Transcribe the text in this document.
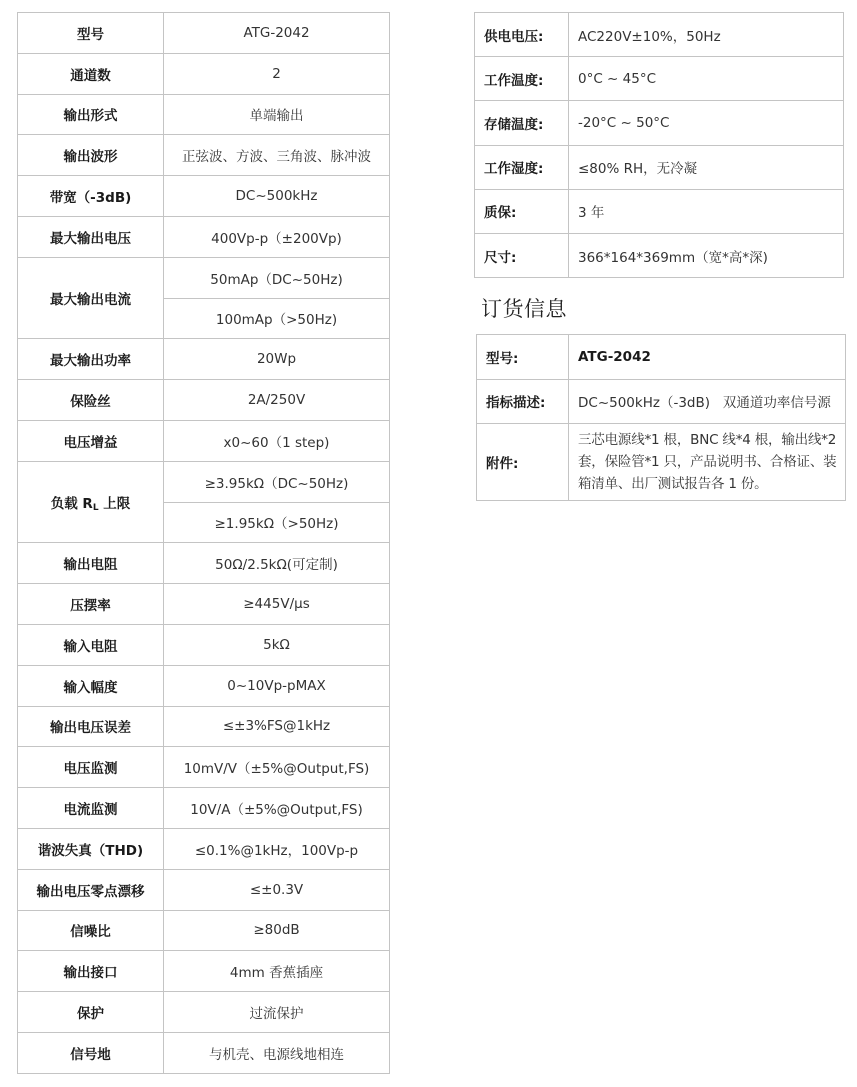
型号	ATG-2042
通道数	2
输出形式	单端输出
输出波形	正弦波、方波、三角波、脉冲波
带宽（-3dB)	DC~500kHz
最大输出电压	400Vp-p（±200Vp)
最大输出电流	50mAp（DC~50Hz)
	100mAp（>50Hz)
最大输出功率	20Wp
保险丝	2A/250V
电压增益	x0~60（1 step)
负载 $R_L$ 上限	≥3.95kΩ（DC~50Hz)
	≥1.95kΩ（>50Hz)
输出电阻	50Ω/2.5kΩ(可定制)
压摆率	≥445V/μs
输入电阻	5kΩ
输入幅度	0~10Vp-pMAX
输出电压误差	≤±3%FS@1kHz
电压监测	10mV/V（±5%@Output,FS)
电流监测	10V/A（±5%@Output,FS)
谐波失真（THD)	≤0.1%@1kHz，100Vp-p
输出电压零点漂移	≤±0.3V
信噪比	≥80dB
输出接口	4mm 香蕉插座
保护	过流保护
信号地	与机壳、电源线地相连
供电电压:	AC220V±10%，50Hz
工作温度:	0°C ~ 45°C
存储温度:	-20°C ~ 50°C
工作湿度:	≤80% RH，无冷凝
质保:	3 年
尺寸:	366*164*369mm（宽*高*深)
订货信息
型号:	ATG-2042
指标描述:	DC~500kHz（-3dB)   双通道功率信号源
附件:	三芯电源线*1 根，BNC 线*4 根，输出线*2 套，保险管*1 只，产品说明书、合格证、装箱清单、出厂测试报告各 1 份。
